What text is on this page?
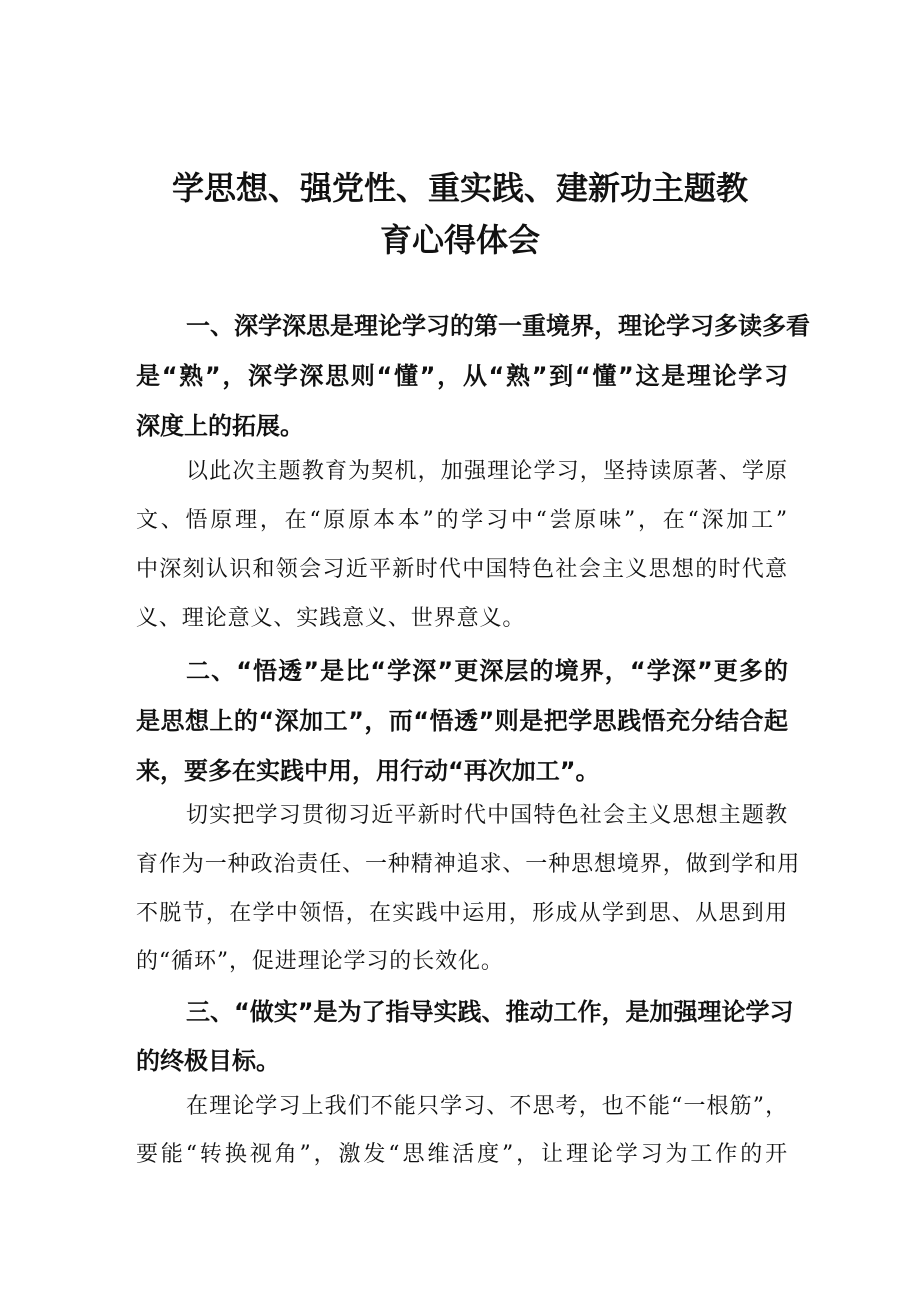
学思想、强党性、重实践、建新功主题教
育心得体会

一、深学深思是理论学习的第一重境界，理论学习多读多看

是“熟”，深学深思则“懂”，从“熟”到“懂”这是理论学习

深度上的拓展。

以此次主题教育为契机，加强理论学习，坚持读原著、学原

文、悟原理，在“原原本本”的学习中“尝原味”，在“深加工”

中深刻认识和领会习近平新时代中国特色社会主义思想的时代意

义、理论意义、实践意义、世界意义。

二、“悟透”是比“学深”更深层的境界，“学深”更多的

是思想上的“深加工”，而“悟透”则是把学思践悟充分结合起

来，要多在实践中用，用行动“再次加工”。

切实把学习贯彻习近平新时代中国特色社会主义思想主题教

育作为一种政治责任、一种精神追求、一种思想境界，做到学和用

不脱节，在学中领悟，在实践中运用，形成从学到思、从思到用

的“循环”，促进理论学习的长效化。

三、“做实”是为了指导实践、推动工作，是加强理论学习

的终极目标。

在理论学习上我们不能只学习、不思考，也不能“一根筋”，

要能“转换视角”，激发“思维活度”，让理论学习为工作的开
